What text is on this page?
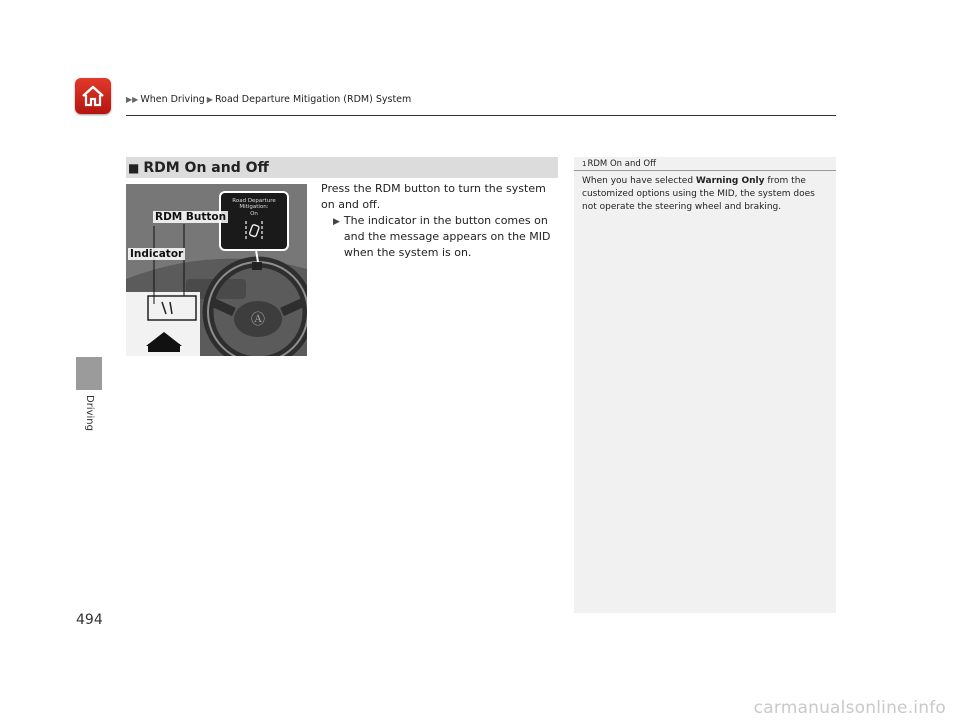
▶▶ When Driving ▶ Road Departure Mitigation (RDM) System
Driving
494
■ RDM On and Off
Ⓐ
Road Departure
Mitigation:
On
RDM Button
Indicator
Press the RDM button to turn the system on and off.
▶ The indicator in the button comes on and the message appears on the MID when the system is on.
1RDM On and Off
When you have selected Warning Only from the customized options using the MID, the system does not operate the steering wheel and braking.
carmanualsonline.info
